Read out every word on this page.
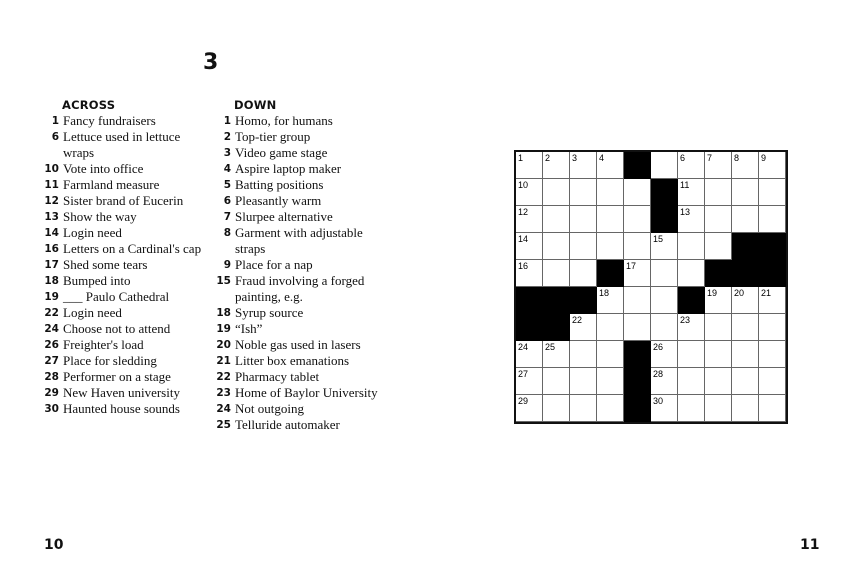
3
ACROSS
1 Fancy fundraisers
6 Lettuce used in lettuce wraps
10 Vote into office
11 Farmland measure
12 Sister brand of Eucerin
13 Show the way
14 Login need
16 Letters on a Cardinal's cap
17 Shed some tears
18 Bumped into
19 ___ Paulo Cathedral
22 Login need
24 Choose not to attend
26 Freighter's load
27 Place for sledding
28 Performer on a stage
29 New Haven university
30 Haunted house sounds
DOWN
1 Homo, for humans
2 Top-tier group
3 Video game stage
4 Aspire laptop maker
5 Batting positions
6 Pleasantly warm
7 Slurpee alternative
8 Garment with adjustable straps
9 Place for a nap
15 Fraud involving a forged painting, e.g.
18 Syrup source
19 “Ish”
20 Noble gas used in lasers
21 Litter box emanations
22 Pharmacy tablet
23 Home of Baylor University
24 Not outgoing
25 Telluride automaker
1 2 3 4 5	6 7 8 9
10	11
12	13
14	15
16	17
18	19 20 21
22	23
24 25	26
27	28
29	30
10	11
